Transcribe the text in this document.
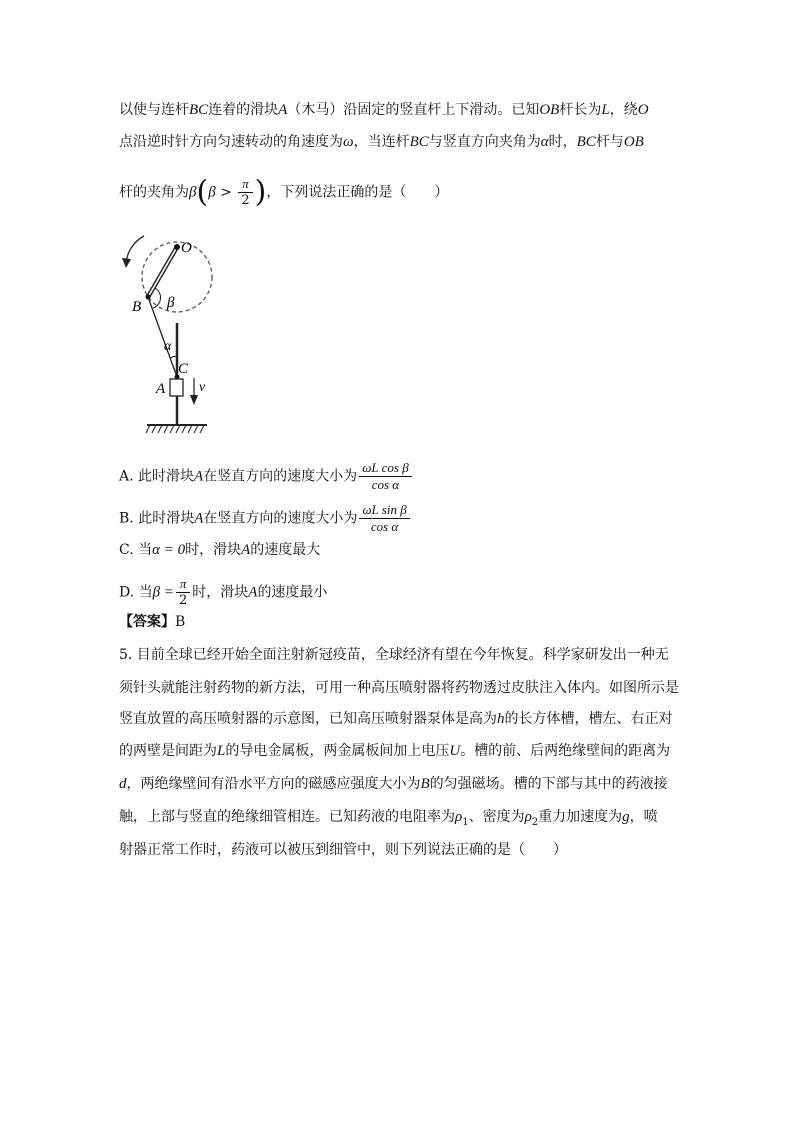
以使与连杆BC连着的滑块A（木马）沿固定的竖直杆上下滑动。已知OB杆长为L，绕O
点沿逆时针方向匀速转动的角速度为ω，当连杆BC与竖直方向夹角为α时，BC杆与OB
杆的夹角为$\beta(\beta > \frac{\pi}{2}$ )，下列说法正确的是（　　）
O
B β
α
C
A v
A. 此时滑块A在竖直方向的速度大小为 $\frac{\text{ωL cos β}}{\text{cos α}}$
B. 此时滑块A在竖直方向的速度大小为 $\frac{\text{ωL sin β}}{\text{cos α}}$
C. 当α = 0时，滑块A的速度最大
D. 当$\beta = \frac{\pi}{2}$ 时，滑块A的速度最小
【答案】B
5. 目前全球已经开始全面注射新冠疫苗，全球经济有望在今年恢复。科学家研发出一种无
须针头就能注射药物的新方法，可用一种高压喷射器将药物透过皮肤注入体内。如图所示是
竖直放置的高压喷射器的示意图，已知高压喷射器泵体是高为h的长方体槽，槽左、右正对
的两壁是间距为L的导电金属板，两金属板间加上电压U。槽的前、后两绝缘壁间的距离为
d，两绝缘壁间有沿水平方向的磁感应强度大小为B的匀强磁场。槽的下部与其中的药液接
触，上部与竖直的绝缘细管相连。已知药液的电阻率为$\rho_1$、密度为$\rho_2$重力加速度为g，喷
射器正常工作时，药液可以被压到细管中，则下列说法正确的是（　　）
